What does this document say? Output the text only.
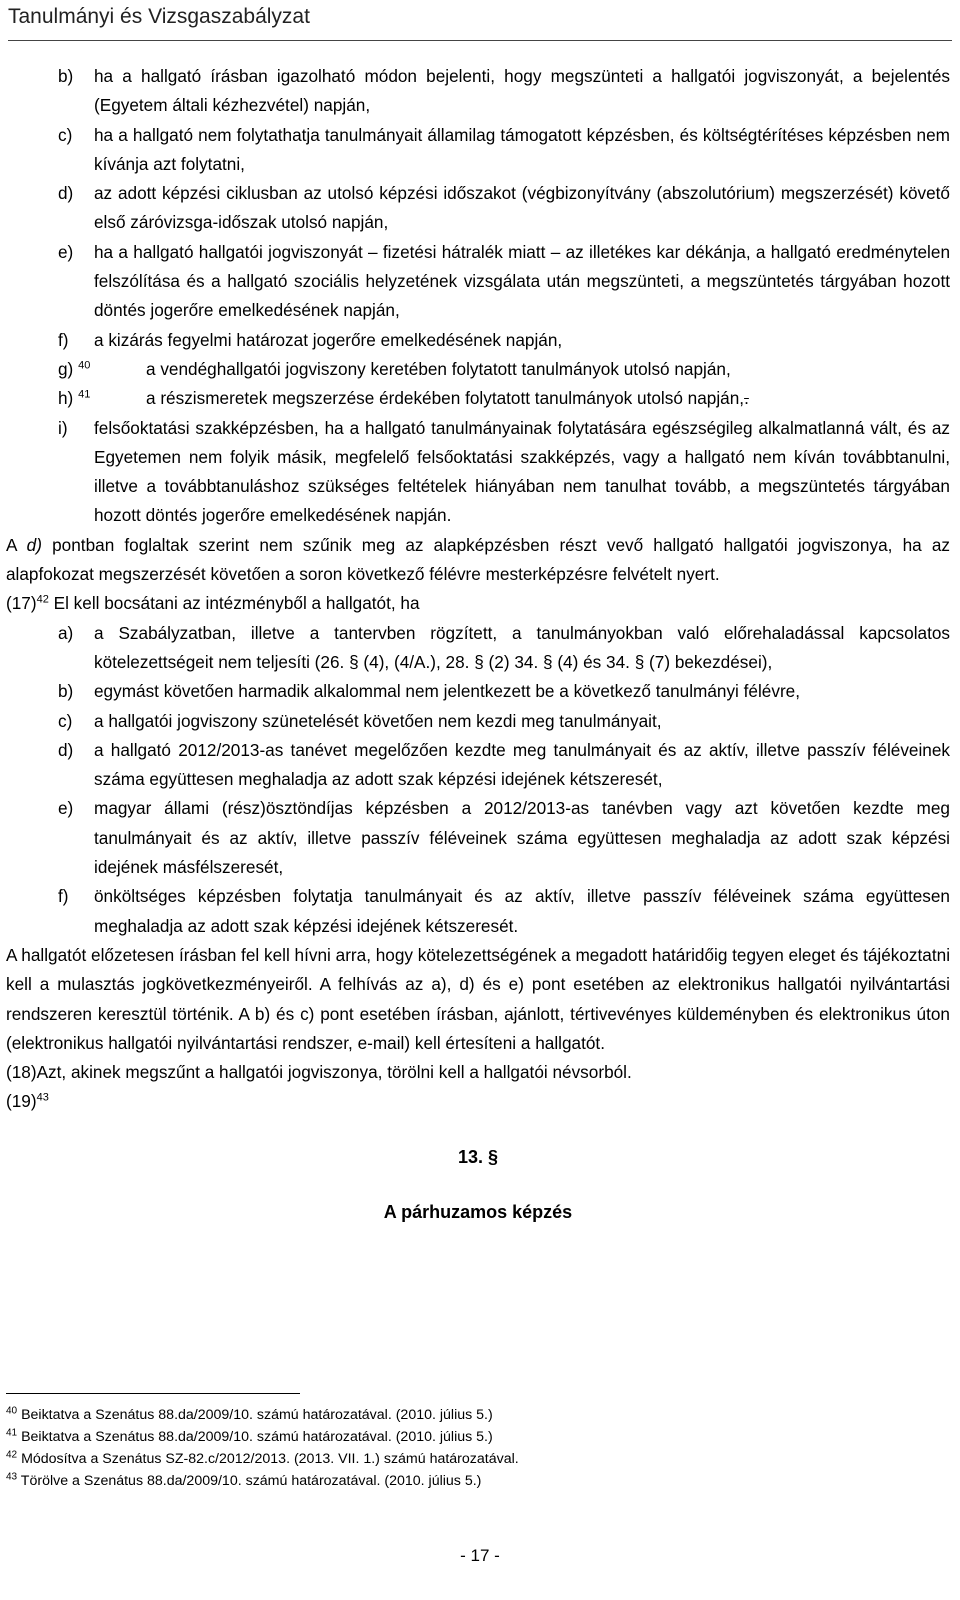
Tanulmányi és Vizsgaszabályzat
b)	ha a hallgató írásban igazolható módon bejelenti, hogy megszünteti a hallgatói jogviszonyát, a bejelentés (Egyetem általi kézhezvétel) napján,
c)	ha a hallgató nem folytathatja tanulmányait államilag támogatott képzésben, és költségtérítéses képzésben nem kívánja azt folytatni,
d)	az adott képzési ciklusban az utolsó képzési időszakot (végbizonyítvány (abszolutórium) megszerzését) követő első záróvizsga-időszak utolsó napján,
e)	ha a hallgató hallgatói jogviszonyát – fizetési hátralék miatt – az illetékes kar dékánja, a hallgató eredménytelen felszólítása és a hallgató szociális helyzetének vizsgálata után megszünteti, a megszüntetés tárgyában hozott döntés jogerőre emelkedésének napján,
f)	a kizárás fegyelmi határozat jogerőre emelkedésének napján,
g) $^{40}$	a vendéghallgatói jogviszony keretében folytatott tanulmányok utolsó napján,
h) $^{41}$	a részismeretek megszerzése érdekében folytatott tanulmányok utolsó napján,.
i)	felsőoktatási szakképzésben, ha a hallgató tanulmányainak folytatására egészségileg alkalmatlanná vált, és az Egyetemen nem folyik másik, megfelelő felsőoktatási szakképzés, vagy a hallgató nem kíván továbbtanulni, illetve a továbbtanuláshoz szükséges feltételek hiányában nem tanulhat tovább, a megszüntetés tárgyában hozott döntés jogerőre emelkedésének napján.
A d) pontban foglaltak szerint nem szűnik meg az alapképzésben részt vevő hallgató hallgatói jogviszonya, ha az alapfokozat megszerzését követően a soron következő félévre mesterképzésre felvételt nyert.
$(17)^{42}$ El kell bocsátani az intézményből a hallgatót, ha
a)	a Szabályzatban, illetve a tantervben rögzített, a tanulmányokban való előrehaladással kapcsolatos kötelezettségeit nem teljesíti (26. § (4), (4/A.), 28. § (2) 34. § (4) és 34. § (7) bekezdései),
b)	egymást követően harmadik alkalommal nem jelentkezett be a következő tanulmányi félévre,
c)	a hallgatói jogviszony szünetelését követően nem kezdi meg tanulmányait,
d)	a hallgató 2012/2013-as tanévet megelőzően kezdte meg tanulmányait és az aktív, illetve passzív féléveinek száma együttesen meghaladja az adott szak képzési idejének kétszeresét,
e)	magyar állami (rész)ösztöndíjas képzésben a 2012/2013-as tanévben vagy azt követően kezdte meg tanulmányait és az aktív, illetve passzív féléveinek száma együttesen meghaladja az adott szak képzési idejének másfélszeresét,
f)	önköltséges képzésben folytatja tanulmányait és az aktív, illetve passzív féléveinek száma együttesen meghaladja az adott szak képzési idejének kétszeresét.
A hallgatót előzetesen írásban fel kell hívni arra, hogy kötelezettségének a megadott határidőig tegyen eleget és tájékoztatni kell a mulasztás jogkövetkezményeiről. A felhívás az a), d) és e) pont esetében az elektronikus hallgatói nyilvántartási rendszeren keresztül történik. A b) és c) pont esetében írásban, ajánlott, tértivevényes küldeményben és elektronikus úton (elektronikus hallgatói nyilvántartási rendszer, e-mail) kell értesíteni a hallgatót.
(18)Azt, akinek megszűnt a hallgatói jogviszonya, törölni kell a hallgatói névsorból.
$(19)^{43}$
13. §
A párhuzamos képzés
$^{40}$ Beiktatva a Szenátus 88.da/2009/10. számú határozatával. (2010. július 5.)
$^{41}$ Beiktatva a Szenátus 88.da/2009/10. számú határozatával. (2010. július 5.)
$^{42}$ Módosítva a Szenátus SZ-82.c/2012/2013. (2013. VII. 1.) számú határozatával.
$^{43}$ Törölve a Szenátus 88.da/2009/10. számú határozatával. (2010. július 5.)
- 17 -
